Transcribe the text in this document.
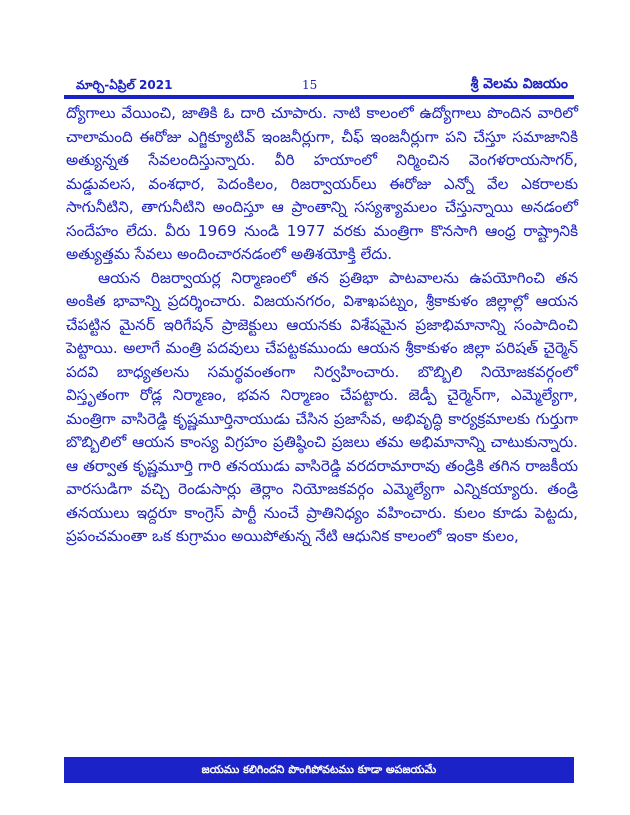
మార్చి-ఏప్రిల్ 2021	15	శ్రీ వెలమ విజయం

ద్యోగాలు వేయించి, జాతికి ఓ దారి చూపారు. నాటి కాలంలో ఉద్యోగాలు పొందిన వారిలో చాలామంది ఈరోజు ఎగ్జిక్యూటివ్ ఇంజనీర్లుగా, చీఫ్ ఇంజనీర్లుగా పని చేస్తూ సమాజానికి అత్యున్నత సేవలందిస్తున్నారు. వీరి హయాంలో నిర్మించిన వెంగళరాయసాగర్, మడ్డువలస, వంశధార, పెదంకిలం, రిజర్వాయర్‌లు ఈరోజు ఎన్నో వేల ఎకరాలకు సాగునీటిని, తాగునీటిని అందిస్తూ ఆ ప్రాంతాన్ని సస్యశ్యామలం చేస్తున్నాయి అనడంలో సందేహం లేదు. వీరు 1969 నుండి 1977 వరకు మంత్రిగా కొనసాగి ఆంధ్ర రాష్ట్రానికి అత్యుత్తమ సేవలు అందించారనడంలో అతిశయోక్తి లేదు.

ఆయన రిజర్వాయర్ల నిర్మాణంలో తన ప్రతిభా పాటవాలను ఉపయోగించి తన అంకిత భావాన్ని ప్రదర్శించారు. విజయనగరం, విశాఖపట్నం, శ్రీకాకుళం జిల్లాల్లో ఆయన చేపట్టిన మైనర్ ఇరిగేషన్ ప్రాజెక్టులు ఆయనకు విశేషమైన ప్రజాభిమానాన్ని సంపాదించి పెట్టాయి. అలాగే మంత్రి పదవులు చేపట్టకముందు ఆయన శ్రీకాకుళం జిల్లా పరిషత్ చైర్మెన్ పదవి బాధ్యతలను సమర్థవంతంగా నిర్వహించారు. బొబ్బిలి నియోజకవర్గంలో విస్తృతంగా రోడ్ల నిర్మాణం, భవన నిర్మాణం చేపట్టారు. జెడ్పీ చైర్మెన్‌గా, ఎమ్మెల్యేగా, మంత్రిగా వాసిరెడ్డి కృష్ణమూర్తినాయుడు చేసిన ప్రజాసేవ, అభివృద్ధి కార్యక్రమాలకు గుర్తుగా బొబ్బిలిలో ఆయన కాంస్య విగ్రహం ప్రతిష్ఠించి ప్రజలు తమ అభిమానాన్ని చాటుకున్నారు. ఆ తర్వాత కృష్ణమూర్తి గారి తనయుడు వాసిరెడ్డి వరదరామారావు తండ్రికి తగిన రాజకీయ వారసుడిగా వచ్చి రెండుసార్లు తెర్లాం నియోజకవర్గం ఎమ్మెల్యేగా ఎన్నికయ్యారు. తండ్రి తనయులు ఇద్దరూ కాంగ్రెస్ పార్టీ నుంచే ప్రాతినిధ్యం వహించారు. కులం కూడు పెట్టదు, ప్రపంచమంతా ఒక కుగ్రామం అయిపోతున్న నేటి ఆధునిక కాలంలో ఇంకా కులం,

జయము కలిగిందని పొంగిపోవటము కూడా అపజయమే
